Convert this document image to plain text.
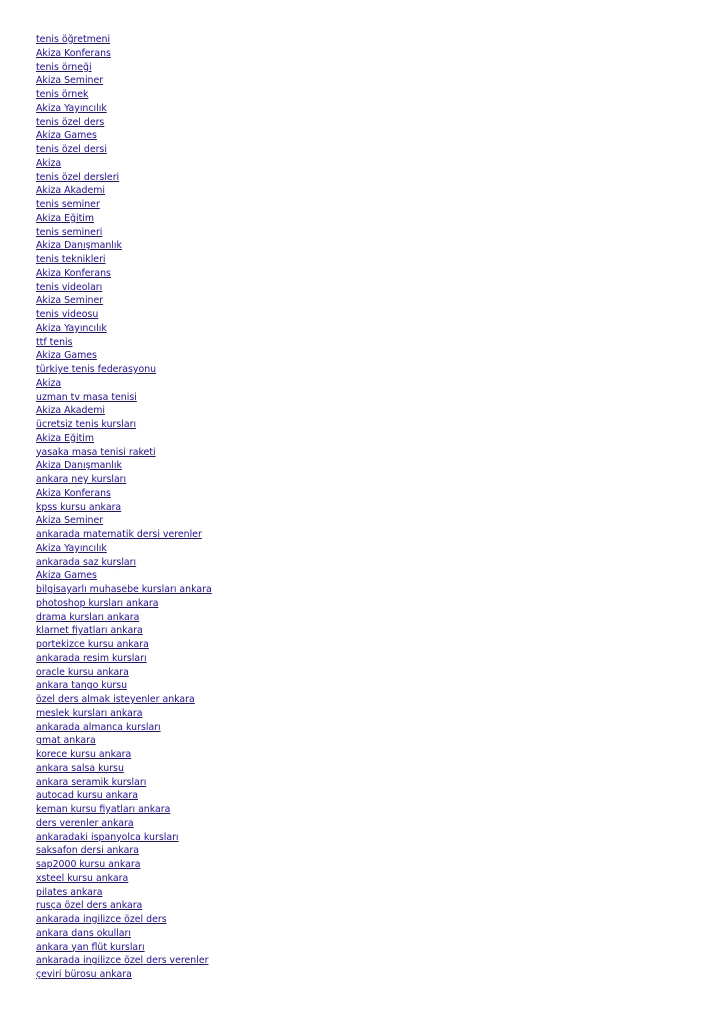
tenis öğretmeni
Akiza Konferans
tenis örneği
Akiza Seminer
tenis örnek
Akiza Yayıncılık
tenis özel ders
Akiza Games
tenis özel dersi
Akiza
tenis özel dersleri
Akiza Akademi
tenis seminer
Akiza Eğitim
tenis semineri
Akiza Danışmanlık
tenis teknikleri
Akiza Konferans
tenis videoları
Akiza Seminer
tenis videosu
Akiza Yayıncılık
ttf tenis
Akiza Games
türkiye tenis federasyonu
Akiza
uzman tv masa tenisi
Akiza Akademi
ücretsiz tenis kursları
Akiza Eğitim
yasaka masa tenisi raketi
Akiza Danışmanlık
ankara ney kursları
Akiza Konferans
kpss kursu ankara
Akiza Seminer
ankarada matematik dersi verenler
Akiza Yayıncılık
ankarada saz kursları
Akiza Games
bilgisayarlı muhasebe kursları ankara
photoshop kursları ankara
drama kursları ankara
klarnet fiyatları ankara
portekizce kursu ankara
ankarada resim kursları
oracle kursu ankara
ankara tango kursu
özel ders almak isteyenler ankara
meslek kursları ankara
ankarada almanca kursları
gmat ankara
korece kursu ankara
ankara salsa kursu
ankara seramik kursları
autocad kursu ankara
keman kursu fiyatları ankara
ders verenler ankara
ankaradaki ispanyolca kursları
saksafon dersi ankara
sap2000 kursu ankara
xsteel kursu ankara
pilates ankara
rusça özel ders ankara
ankarada ingilizce özel ders
ankara dans okulları
ankara yan flüt kursları
ankarada ingilizce özel ders verenler
çeviri bürosu ankara
